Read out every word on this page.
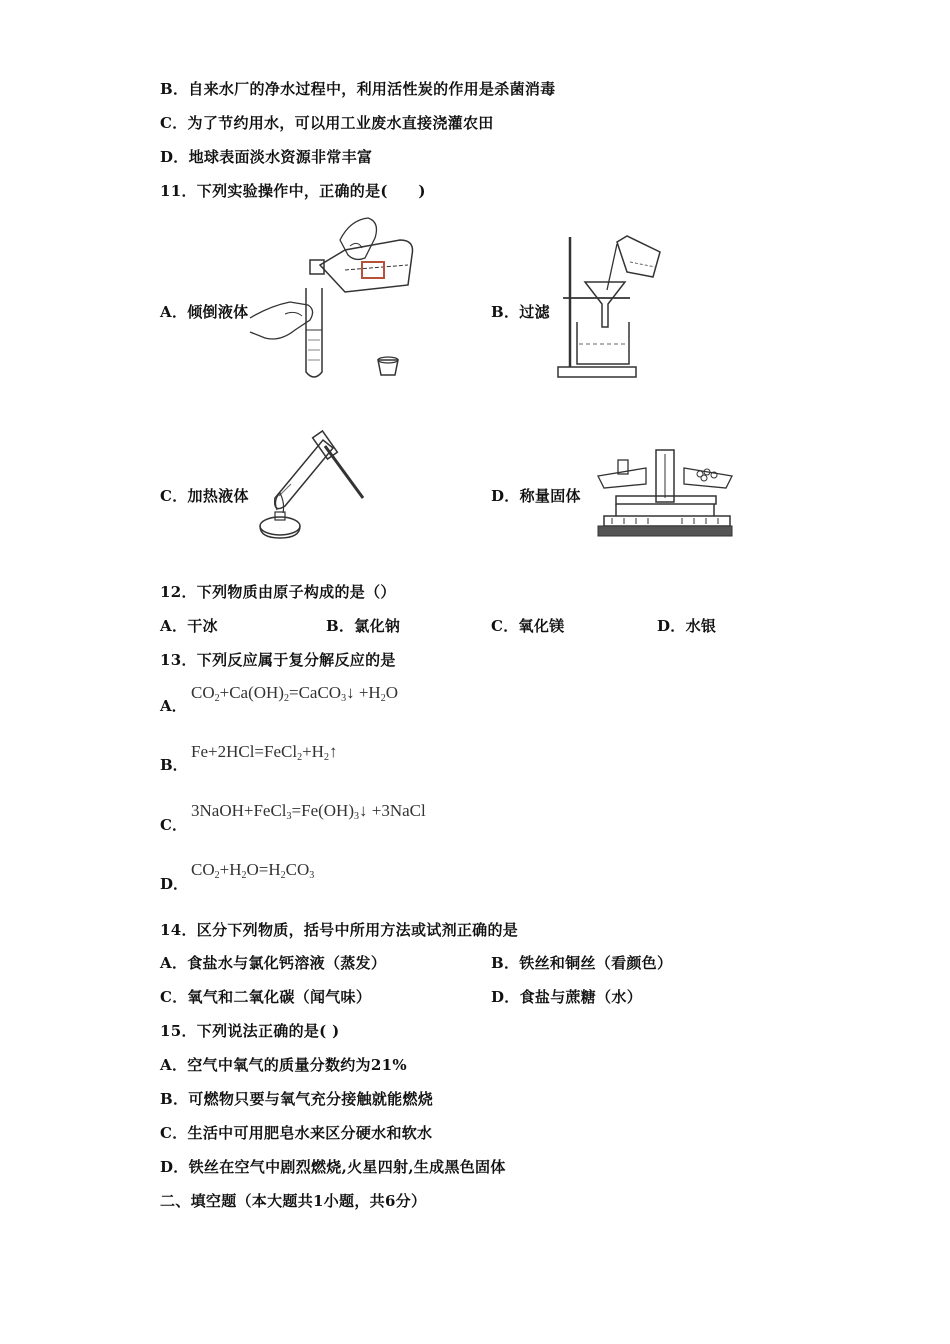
B．自来水厂的净水过程中，利用活性炭的作用是杀菌消毒
C．为了节约用水，可以用工业废水直接浇灌农田
D．地球表面淡水资源非常丰富
11．下列实验操作中，正确的是(　　)
A．倾倒液体	B．过滤
C．加热液体	D．称量固体
12．下列物质由原子构成的是（）
A．干冰	B．氯化钠	C．氧化镁	D．水银
13．下列反应属于复分解反应的是
A．
$CO_2+Ca(OH)_2=CaCO_3↓ +H_2O$
B．
$Fe+2HCl=FeCl_2+H_2↑$
C．
$3NaOH+FeCl_3=Fe(OH)_3↓$ +3NaCl
D．
$CO_2+H_2O=H_2CO_3$
14．区分下列物质，括号中所用方法或试剂正确的是
A．食盐水与氯化钙溶液（蒸发）	B．铁丝和铜丝（看颜色）
C．氧气和二氧化碳（闻气味）	D．食盐与蔗糖（水）
15．下列说法正确的是( )
A．空气中氧气的质量分数约为21%
B．可燃物只要与氧气充分接触就能燃烧
C．生活中可用肥皂水来区分硬水和软水
D．铁丝在空气中剧烈燃烧,火星四射,生成黑色固体
二、填空题（本大题共1小题，共6分）
